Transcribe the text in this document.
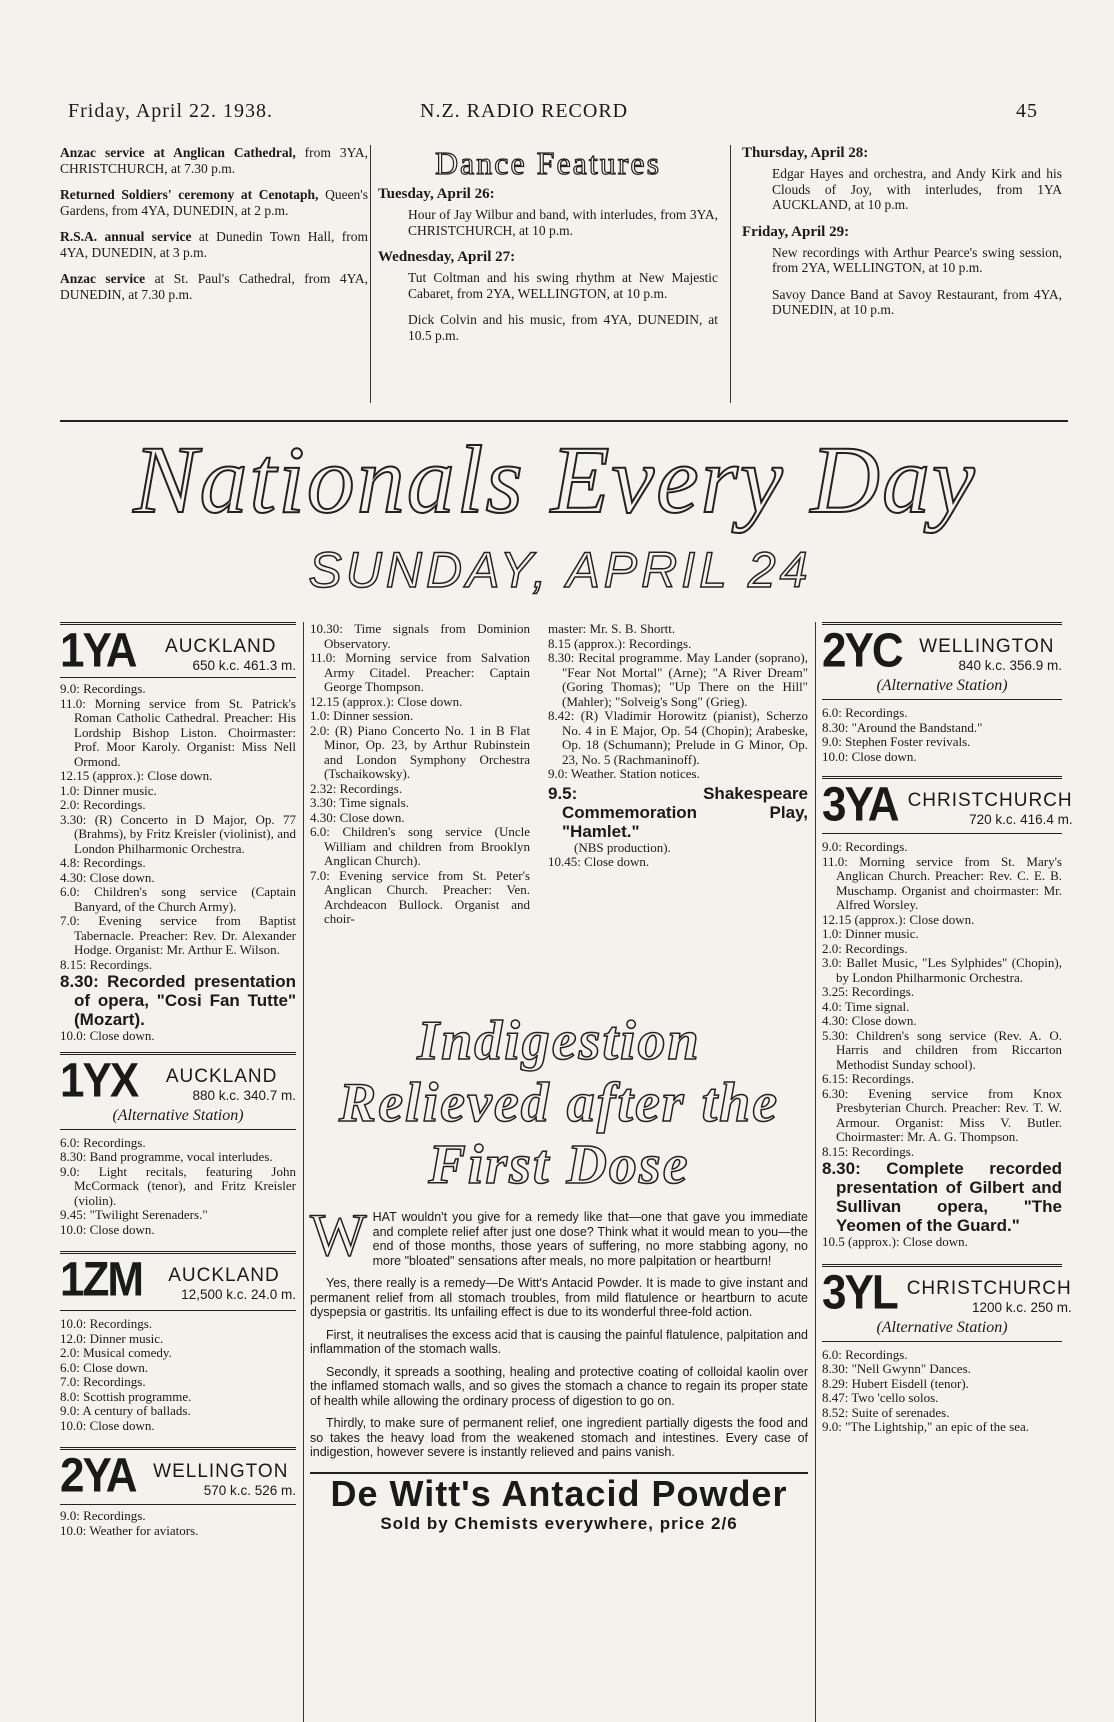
Friday, April 22. 1938.	N.Z. RADIO RECORD	45

Anzac service at Anglican Cathedral, from 3YA, CHRISTCHURCH, at 7.30 p.m.

Returned Soldiers' ceremony at Cenotaph, Queen's Gardens, from 4YA, DUNEDIN, at 2 p.m.

R.S.A. annual service at Dunedin Town Hall, from 4YA, DUNEDIN, at 3 p.m.

Anzac service at St. Paul's Cathedral, from 4YA, DUNEDIN, at 7.30 p.m.

Dance Features
Tuesday, April 26:

Hour of Jay Wilbur and band, with interludes, from 3YA, CHRISTCHURCH, at 10 p.m.

Wednesday, April 27:

Tut Coltman and his swing rhythm at New Majestic Cabaret, from 2YA, WELLINGTON, at 10 p.m.

Dick Colvin and his music, from 4YA, DUNEDIN, at 10.5 p.m.

Thursday, April 28:

Edgar Hayes and orchestra, and Andy Kirk and his Clouds of Joy, with interludes, from 1YA AUCKLAND, at 10 p.m.

Friday, April 29:

New recordings with Arthur Pearce's swing session, from 2YA, WELLINGTON, at 10 p.m.

Savoy Dance Band at Savoy Restaurant, from 4YA, DUNEDIN, at 10 p.m.

Nationals Every Day
SUNDAY, APRIL 24
1YA	AUCKLAND
650 k.c. 461.3 m.

9.0: Recordings.

11.0: Morning service from St. Patrick's Roman Catholic Cathedral. Preacher: His Lordship Bishop Liston. Choirmaster: Prof. Moor Karoly. Organist: Miss Nell Ormond.

12.15 (approx.): Close down.

1.0: Dinner music.

2.0: Recordings.

3.30: (R) Concerto in D Major, Op. 77 (Brahms), by Fritz Kreisler (violinist), and London Philharmonic Orchestra.

4.8: Recordings.

4.30: Close down.

6.0: Children's song service (Captain Banyard, of the Church Army).

7.0: Evening service from Baptist Tabernacle. Preacher: Rev. Dr. Alexander Hodge. Organist: Mr. Arthur E. Wilson.

8.15: Recordings.

8.30: Recorded presentation of opera, "Cosi Fan Tutte" (Mozart).

10.0: Close down.

1YX	AUCKLAND
880 k.c. 340.7 m.
(Alternative Station)

6.0: Recordings.

8.30: Band programme, vocal interludes.

9.0: Light recitals, featuring John McCormack (tenor), and Fritz Kreisler (violin).

9.45: "Twilight Serenaders."

10.0: Close down.

1ZM	AUCKLAND
12,500 k.c. 24.0 m.

10.0: Recordings.

12.0: Dinner music.

2.0: Musical comedy.

6.0: Close down.

7.0: Recordings.

8.0: Scottish programme.

9.0: A century of ballads.

10.0: Close down.

2YA WELLINGTON
570 k.c. 526 m.

9.0: Recordings.

10.0: Weather for aviators.

10.30: Time signals from Dominion Observatory.

11.0: Morning service from Salvation Army Citadel. Preacher: Captain George Thompson.

12.15 (approx.): Close down.

1.0: Dinner session.

2.0: (R) Piano Concerto No. 1 in B Flat Minor, Op. 23, by Arthur Rubinstein and London Symphony Orchestra (Tschaikowsky).

2.32: Recordings.

3.30: Time signals.

4.30: Close down.

6.0: Children's song service (Uncle William and children from Brooklyn Anglican Church).

7.0: Evening service from St. Peter's Anglican Church. Preacher: Ven. Archdeacon Bullock. Organist and choir-

master: Mr. S. B. Shortt.

8.15 (approx.): Recordings.

8.30: Recital programme. May Lander (soprano), "Fear Not Mortal" (Arne); "A River Dream" (Goring Thomas); "Up There on the Hill" (Mahler); "Solveig's Song" (Grieg).

8.42: (R) Vladimir Horowitz (pianist), Scherzo No. 4 in E Major, Op. 54 (Chopin); Arabeske, Op. 18 (Schumann); Prelude in G Minor, Op. 23, No. 5 (Rachmaninoff).

9.0: Weather. Station notices.

9.5: Shakespeare Commemoration Play, "Hamlet."

(NBS production).

10.45: Close down.

2YC WELLINGTON
840 k.c. 356.9 m.
(Alternative Station)

6.0: Recordings.

8.30: "Around the Bandstand."

9.0: Stephen Foster revivals.

10.0: Close down.

3YA CHRISTCHURCH
720 k.c. 416.4 m.

9.0: Recordings.

11.0: Morning service from St. Mary's Anglican Church. Preacher: Rev. C. E. B. Muschamp. Organist and choirmaster: Mr. Alfred Worsley.

12.15 (approx.): Close down.

1.0: Dinner music.

2.0: Recordings.

3.0: Ballet Music, "Les Sylphides" (Chopin), by London Philharmonic Orchestra.

3.25: Recordings.

4.0: Time signal.

4.30: Close down.

5.30: Children's song service (Rev. A. O. Harris and children from Riccarton Methodist Sunday school).

6.15: Recordings.

6.30: Evening service from Knox Presbyterian Church. Preacher: Rev. T. W. Armour. Organist: Miss V. Butler. Choirmaster: Mr. A. G. Thompson.

8.15: Recordings.

8.30: Complete recorded presentation of Gilbert and Sullivan opera, "The Yeomen of the Guard."

10.5 (approx.): Close down.

3YL CHRISTCHURCH
1200 k.c. 250 m.
(Alternative Station)

6.0: Recordings.

8.30: "Nell Gwynn" Dances.

8.29: Hubert Eisdell (tenor).

8.47: Two 'cello solos.

8.52: Suite of serenades.

9.0: "The Lightship," an epic of the sea.

Indigestion
Relieved after the
First Dose

WHAT wouldn't you give for a remedy like that—one that gave you immediate and complete relief after just one dose? Think what it would mean to you—the end of those months, those years of suffering, no more stabbing agony, no more "bloated" sensations after meals, no more palpitation or heartburn!

Yes, there really is a remedy—De Witt's Antacid Powder. It is made to give instant and permanent relief from all stomach troubles, from mild flatulence or heartburn to acute dyspepsia or gastritis. Its unfailing effect is due to its wonderful three-fold action.

First, it neutralises the excess acid that is causing the painful flatulence, palpitation and inflammation of the stomach walls.

Secondly, it spreads a soothing, healing and protective coating of colloidal kaolin over the inflamed stomach walls, and so gives the stomach a chance to regain its proper state of health while allowing the ordinary process of digestion to go on.

Thirdly, to make sure of permanent relief, one ingredient partially digests the food and so takes the heavy load from the weakened stomach and intestines. Every case of indigestion, however severe is instantly relieved and pains vanish.

De Witt's Antacid Powder
Sold by Chemists everywhere, price 2/6
